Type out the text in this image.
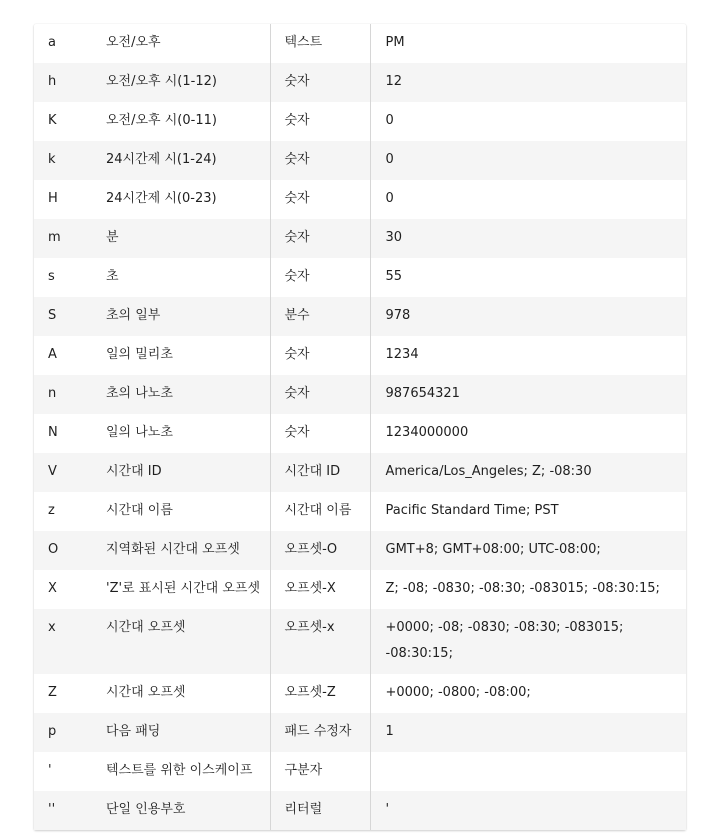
a	오전/오후	텍스트	PM
h	오전/오후 시(1-12)	숫자	12
K	오전/오후 시(0-11)	숫자	0
k	24시간제 시(1-24)	숫자	0
H	24시간제 시(0-23)	숫자	0
m	분	숫자	30
s	초	숫자	55
S	초의 일부	분수	978
A	일의 밀리초	숫자	1234
n	초의 나노초	숫자	987654321
N	일의 나노초	숫자	1234000000
V	시간대 ID	시간대 ID	America/Los_Angeles; Z; -08:30
z	시간대 이름	시간대 이름	Pacific Standard Time; PST
O	지역화된 시간대 오프셋	오프셋-O	GMT+8; GMT+08:00; UTC-08:00;
X	'Z'로 표시된 시간대 오프셋	오프셋-X	Z; -08; -0830; -08:30; -083015; -08:30:15;
x	시간대 오프셋	오프셋-x	+0000; -08; -0830; -08:30; -083015; -08:30:15;
Z	시간대 오프셋	오프셋-Z	+0000; -0800; -08:00;
p	다음 패딩	패드 수정자	1
'	텍스트를 위한 이스케이프	구분자	
''	단일 인용부호	리터럴	'
